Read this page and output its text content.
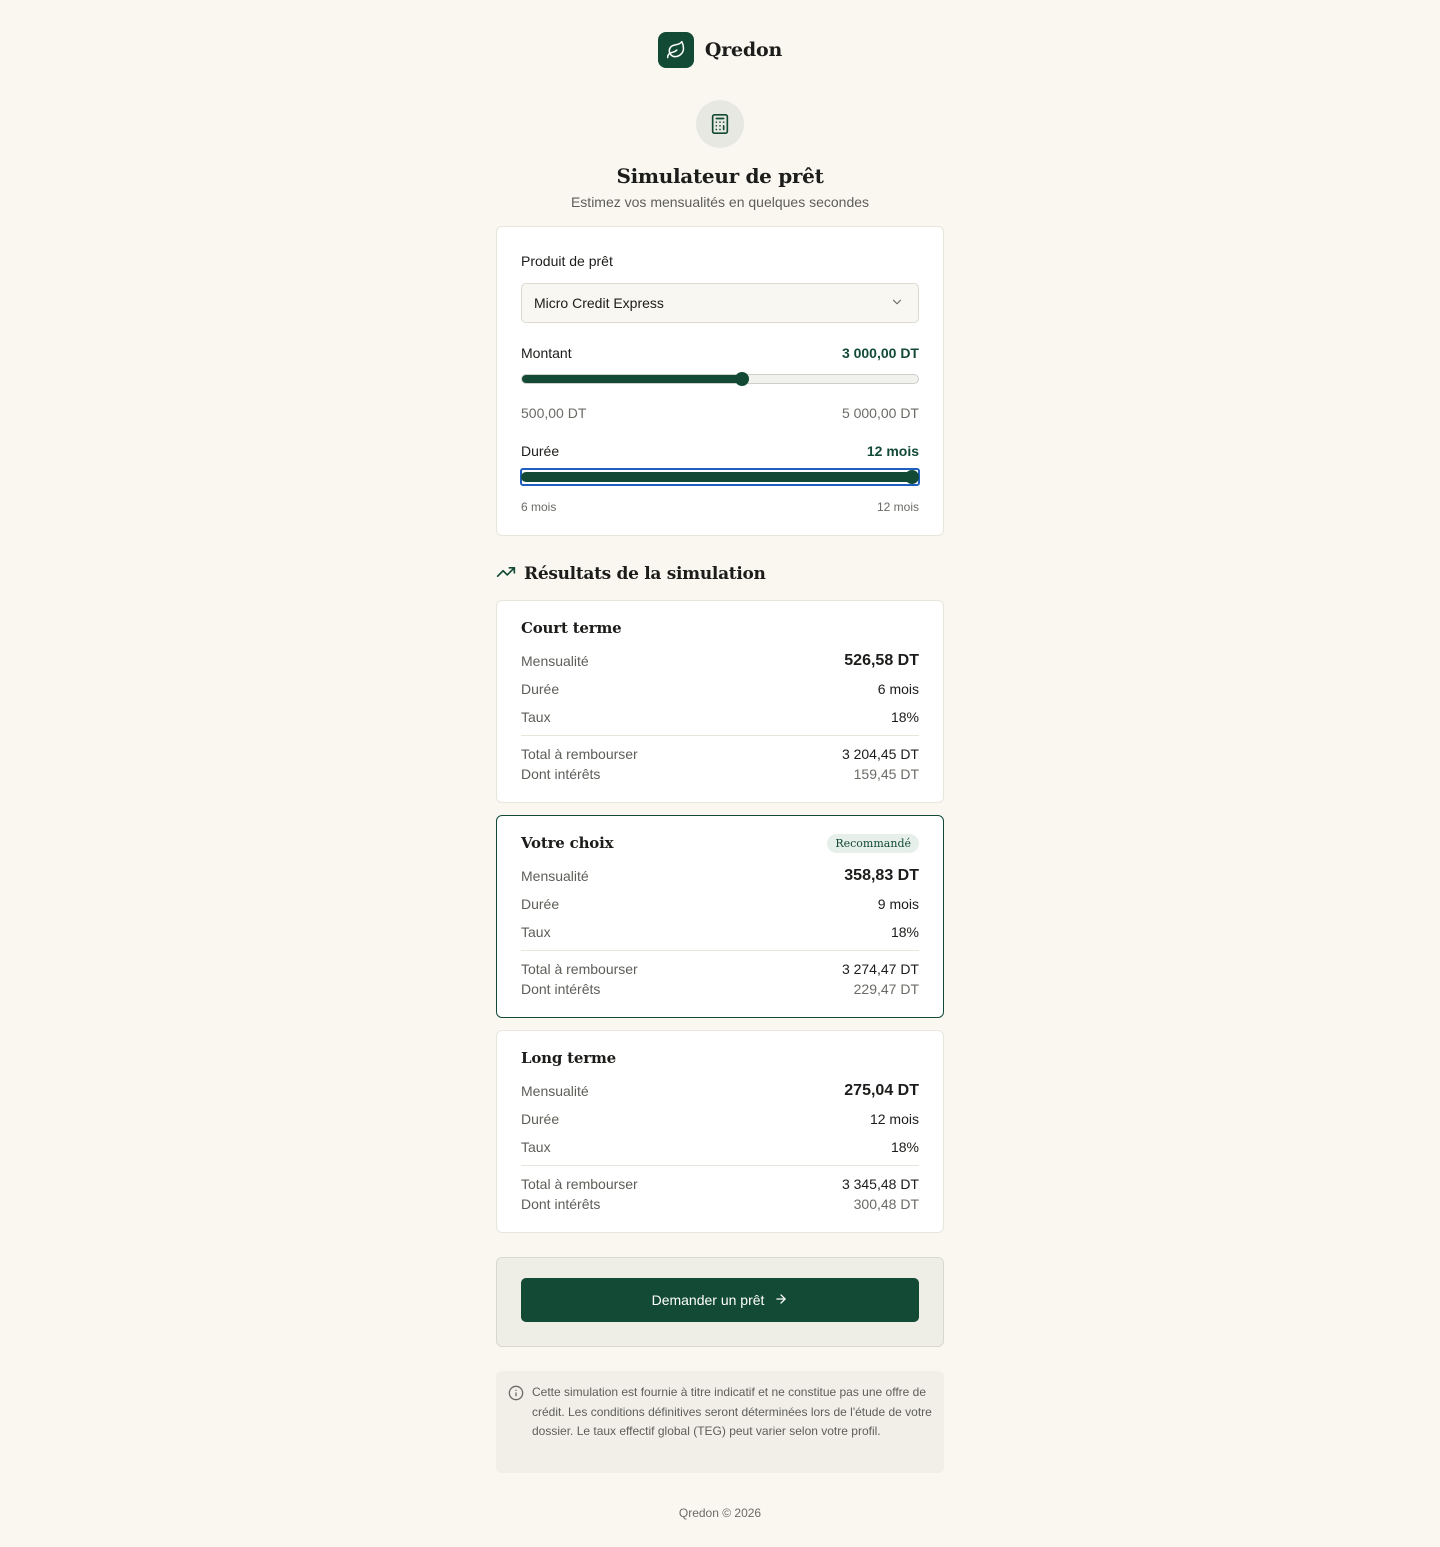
Qredon
Simulateur de prêt

Estimez vos mensualités en quelques secondes

Produit de prêt
Micro Credit Express
Montant	3 000,00 DT
500,00 DT	5 000,00 DT
Durée	12 mois
6 mois	12 mois
Résultats de la simulation
Court terme
Mensualité	526,58 DT
Durée	6 mois
Taux	18%
Total à rembourser	3 204,45 DT
Dont intérêts	159,45 DT
Votre choix	Recommandé
Mensualité	358,83 DT
Durée	9 mois
Taux	18%
Total à rembourser	3 274,47 DT
Dont intérêts	229,47 DT
Long terme
Mensualité	275,04 DT
Durée	12 mois
Taux	18%
Total à rembourser	3 345,48 DT
Dont intérêts	300,48 DT
Demander un prêt

Cette simulation est fournie à titre indicatif et ne constitue pas une offre de crédit. Les conditions définitives seront déterminées lors de l'étude de votre dossier. Le taux effectif global (TEG) peut varier selon votre profil.

Qredon © 2026
